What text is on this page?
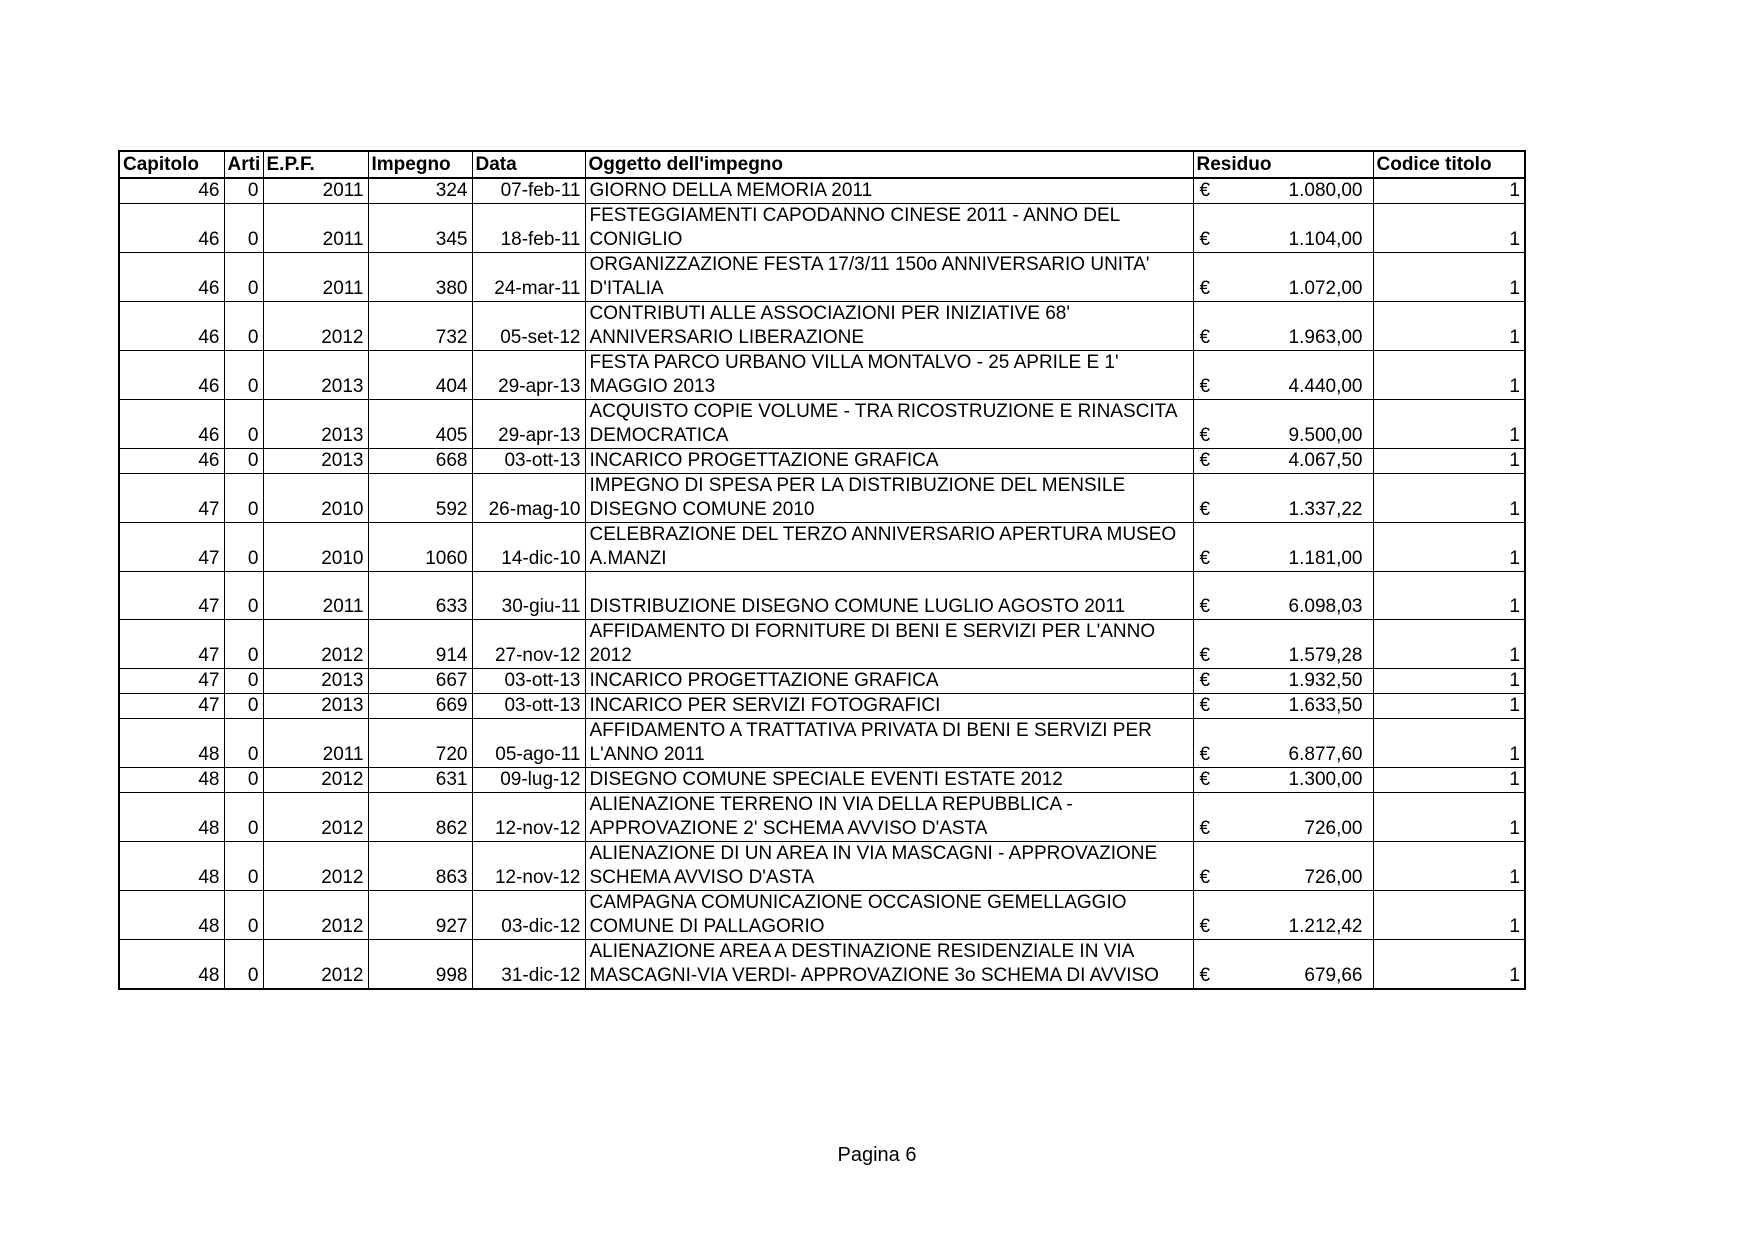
Capitolo	Arti	E.P.F.	Impegno	Data	Oggetto dell'impegno	Residuo	Codice titolo
46	0	2011	324	07-feb-11	GIORNO DELLA MEMORIA 2011	€ 1.080,00	1
46	0	2011	345	18-feb-11	FESTEGGIAMENTI CAPODANNO CINESE 2011 - ANNO DEL CONIGLIO	€ 1.104,00	1
46	0	2011	380	24-mar-11	ORGANIZZAZIONE FESTA 17/3/11 150o ANNIVERSARIO UNITA' D'ITALIA	€ 1.072,00	1
46	0	2012	732	05-set-12	CONTRIBUTI ALLE ASSOCIAZIONI PER INIZIATIVE 68' ANNIVERSARIO LIBERAZIONE	€ 1.963,00	1
46	0	2013	404	29-apr-13	FESTA PARCO URBANO VILLA MONTALVO - 25 APRILE E 1' MAGGIO 2013	€ 4.440,00	1
46	0	2013	405	29-apr-13	ACQUISTO COPIE VOLUME - TRA RICOSTRUZIONE E RINASCITA DEMOCRATICA	€ 9.500,00	1
46	0	2013	668	03-ott-13	INCARICO PROGETTAZIONE GRAFICA	€ 4.067,50	1
47	0	2010	592	26-mag-10	IMPEGNO DI SPESA PER LA DISTRIBUZIONE DEL MENSILE DISEGNO COMUNE 2010	€ 1.337,22	1
47	0	2010	1060	14-dic-10	CELEBRAZIONE DEL TERZO ANNIVERSARIO APERTURA MUSEO A.MANZI	€ 1.181,00	1
47	0	2011	633	30-giu-11	DISTRIBUZIONE DISEGNO COMUNE LUGLIO AGOSTO 2011	€ 6.098,03	1
47	0	2012	914	27-nov-12	AFFIDAMENTO DI FORNITURE DI BENI E SERVIZI PER L'ANNO 2012	€ 1.579,28	1
47	0	2013	667	03-ott-13	INCARICO PROGETTAZIONE GRAFICA	€ 1.932,50	1
47	0	2013	669	03-ott-13	INCARICO PER SERVIZI FOTOGRAFICI	€ 1.633,50	1
48	0	2011	720	05-ago-11	AFFIDAMENTO A TRATTATIVA PRIVATA DI BENI E SERVIZI PER L'ANNO 2011	€ 6.877,60	1
48	0	2012	631	09-lug-12	DISEGNO COMUNE SPECIALE EVENTI ESTATE 2012	€ 1.300,00	1
48	0	2012	862	12-nov-12	ALIENAZIONE TERRENO IN VIA DELLA REPUBBLICA - APPROVAZIONE 2' SCHEMA AVVISO D'ASTA	€ 726,00	1
48	0	2012	863	12-nov-12	ALIENAZIONE DI UN AREA IN VIA MASCAGNI - APPROVAZIONE SCHEMA AVVISO D'ASTA	€ 726,00	1
48	0	2012	927	03-dic-12	CAMPAGNA COMUNICAZIONE OCCASIONE GEMELLAGGIO COMUNE DI PALLAGORIO	€ 1.212,42	1
48	0	2012	998	31-dic-12	ALIENAZIONE AREA A DESTINAZIONE RESIDENZIALE IN VIA MASCAGNI-VIA VERDI- APPROVAZIONE 3o SCHEMA DI AVVISO	€ 679,66	1
Pagina 6
